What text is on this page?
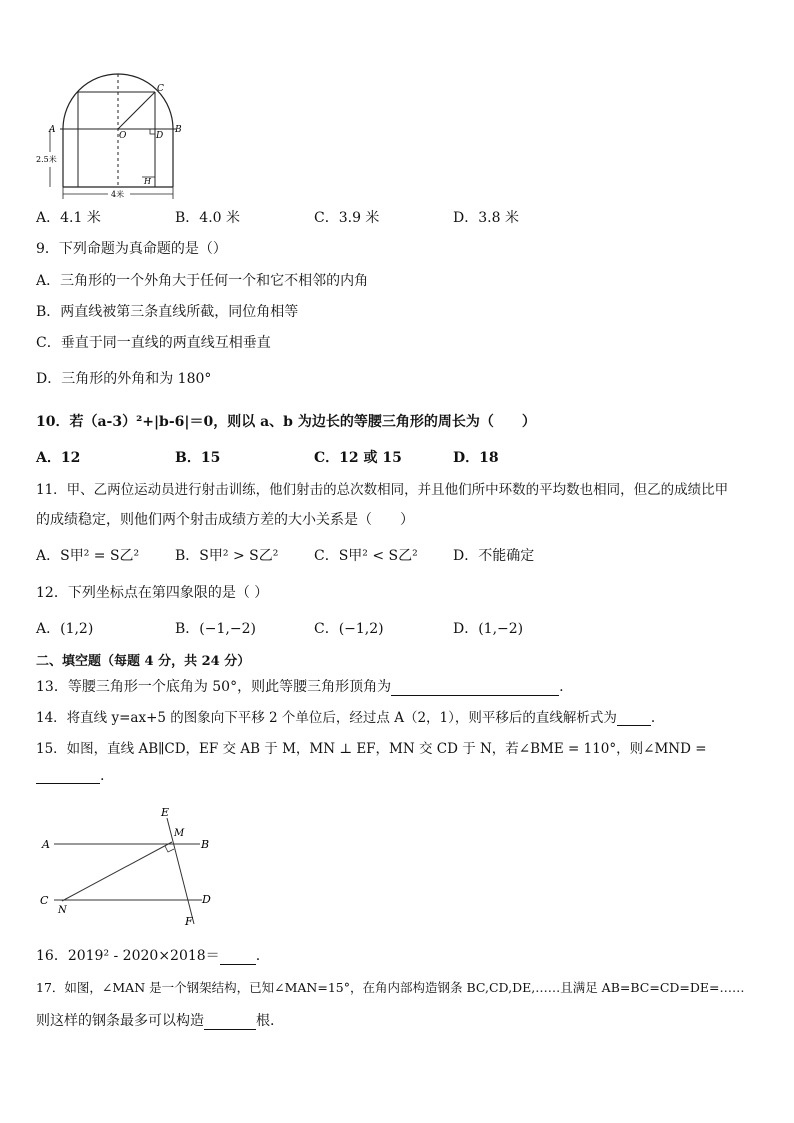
A	B
C
O	D
H
2.5米
4米
A．4.1 米	B．4.0 米	C．3.9 米	D．3.8 米
9．下列命题为真命题的是（）
A．三角形的一个外角大于任何一个和它不相邻的内角
B．两直线被第三条直线所截，同位角相等
C．垂直于同一直线的两直线互相垂直
D．三角形的外角和为 180°
10．若（a-3）²+|b-6|＝0，则以 a、b 为边长的等腰三角形的周长为（　　）
A．12	B．15	C．12 或 15	D．18
11．甲、乙两位运动员进行射击训练，他们射击的总次数相同，并且他们所中环数的平均数也相同，但乙的成绩比甲
的成绩稳定，则他们两个射击成绩方差的大小关系是（　　）
A．S甲² = S乙²	B．S甲² > S乙²	C．S甲² < S乙²	D．不能确定
12．下列坐标点在第四象限的是（ ）
A．(1,2)	B．(−1,−2)	C．(−1,2)	D．(1,−2)
二、填空题（每题 4 分，共 24 分）
13．等腰三角形一个底角为 50°，则此等腰三角形顶角为	.
14．将直线 y=ax+5 的图象向下平移 2 个单位后，经过点 A（2，1），则平移后的直线解析式为	.
15．如图，直线 AB∥CD，EF 交 AB 于 M，MN ⊥ EF，MN 交 CD 于 N，若∠BME = 110°，则∠MND =
.
A	B
C	D
E
F
M
N
16．2019² - 2020×2018＝	.
17．如图，∠MAN 是一个钢架结构，已知∠MAN=15°，在角内部构造钢条 BC,CD,DE,……且满足 AB=BC=CD=DE=……
则这样的钢条最多可以构造	根.
